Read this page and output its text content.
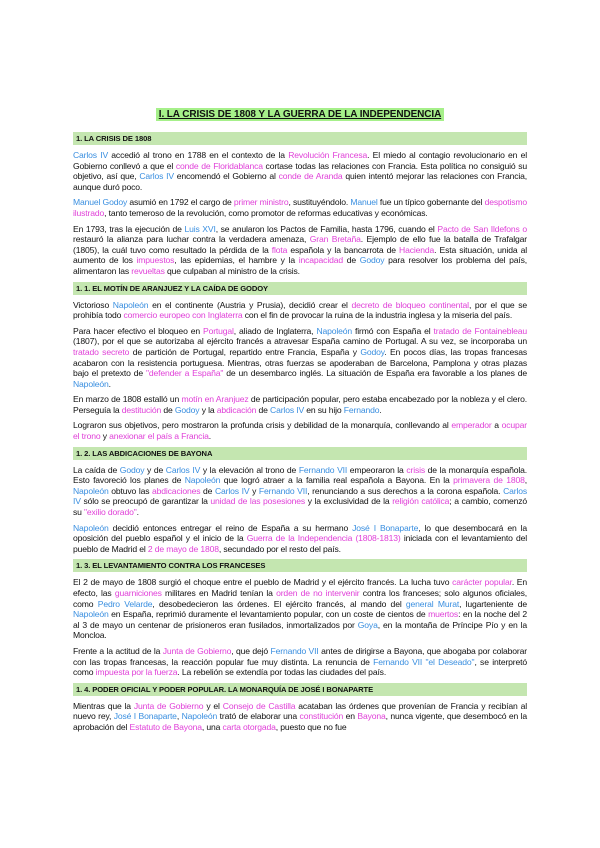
I. LA CRISIS DE 1808 Y LA GUERRA DE LA INDEPENDENCIA
1. LA CRISIS DE 1808

Carlos IV accedió al trono en 1788 en el contexto de la Revolución Francesa. El miedo al contagio revolucionario en el Gobierno conllevó a que el conde de Floridablanca cortase todas las relaciones con Francia. Esta política no consiguió su objetivo, así que, Carlos IV encomendó el Gobierno al conde de Aranda quien intentó mejorar las relaciones con Francia, aunque duró poco.

Manuel Godoy asumió en 1792 el cargo de primer ministro, sustituyéndolo. Manuel fue un típico gobernante del despotismo ilustrado, tanto temeroso de la revolución, como promotor de reformas educativas y económicas.

En 1793, tras la ejecución de Luis XVI, se anularon los Pactos de Familia, hasta 1796, cuando el Pacto de San Ildefons o restauró la alianza para luchar contra la verdadera amenaza, Gran Bretaña. Ejemplo de ello fue la batalla de Trafalgar (1805), la cuál tuvo como resultado la pérdida de la flota española y la bancarrota de Hacienda. Esta situación, unida al aumento de los impuestos, las epidemias, el hambre y la incapacidad de Godoy para resolver los problema del país, alimentaron las revueltas que culpaban al ministro de la crisis.

1. 1. EL MOTÍN DE ARANJUEZ Y LA CAÍDA DE GODOY

Victorioso Napoleón en el continente (Austria y Prusia), decidió crear el decreto de bloqueo continental, por el que se prohibía todo comercio europeo con Inglaterra con el fin de provocar la ruina de la industria inglesa y la miseria del país.

Para hacer efectivo el bloqueo en Portugal, aliado de Inglaterra, Napoleón firmó con España el tratado de Fontainebleau (1807), por el que se autorizaba al ejército francés a atravesar España camino de Portugal. A su vez, se incorporaba un tratado secreto de partición de Portugal, repartido entre Francia, España y Godoy. En pocos días, las tropas francesas acabaron con la resistencia portuguesa. Mientras, otras fuerzas se apoderaban de Barcelona, Pamplona y otras plazas bajo el pretexto de "defender a España" de un desembarco inglés. La situación de España era favorable a los planes de Napoleón.

En marzo de 1808 estalló un motín en Aranjuez de participación popular, pero estaba encabezado por la nobleza y el clero. Perseguía la destitución de Godoy y la abdicación de Carlos IV en su hijo Fernando.

Lograron sus objetivos, pero mostraron la profunda crisis y debilidad de la monarquía, conllevando al emperador a ocupar el trono y anexionar el país a Francia.

1. 2. LAS ABDICACIONES DE BAYONA

La caída de Godoy y de Carlos IV y la elevación al trono de Fernando VII empeoraron la crisis de la monarquía española. Esto favoreció los planes de Napoleón que logró atraer a la familia real española a Bayona. En la primavera de 1808, Napoleón obtuvo las abdicaciones de Carlos IV y Fernando VII, renunciando a sus derechos a la corona española. Carlos IV sólo se preocupó de garantizar la unidad de las posesiones y la exclusividad de la religión católica; a cambio, comenzó su "exilio dorado".

Napoleón decidió entonces entregar el reino de España a su hermano José I Bonaparte, lo que desembocará en la oposición del pueblo español y el inicio de la Guerra de la Independencia (1808-1813) iniciada con el levantamiento del pueblo de Madrid el 2 de mayo de 1808, secundado por el resto del país.

1. 3. EL LEVANTAMIENTO CONTRA LOS FRANCESES

El 2 de mayo de 1808 surgió el choque entre el pueblo de Madrid y el ejército francés. La lucha tuvo carácter popular. En efecto, las guarniciones militares en Madrid tenían la orden de no intervenir contra los franceses; solo algunos oficiales, como Pedro Velarde, desobedecieron las órdenes. El ejército francés, al mando del general Murat, lugarteniente de Napoleón en España, reprimió duramente el levantamiento popular, con un coste de cientos de muertos: en la noche del 2 al 3 de mayo un centenar de prisioneros eran fusilados, inmortalizados por Goya, en la montaña de Príncipe Pío y en la Moncloa.

Frente a la actitud de la Junta de Gobierno, que dejó Fernando VII antes de dirigirse a Bayona, que abogaba por colaborar con las tropas francesas, la reacción popular fue muy distinta. La renuncia de Fernando VII "el Deseado", se interpretó como impuesta por la fuerza. La rebelión se extendía por todas las ciudades del país.

1. 4. PODER OFICIAL Y PODER POPULAR. LA MONARQUÍA DE JOSÉ I BONAPARTE

Mientras que la Junta de Gobierno y el Consejo de Castilla acataban las órdenes que provenían de Francia y recibían al nuevo rey, José I Bonaparte, Napoleón trató de elaborar una constitución en Bayona, nunca vigente, que desembocó en la aprobación del Estatuto de Bayona, una carta otorgada, puesto que no fue
